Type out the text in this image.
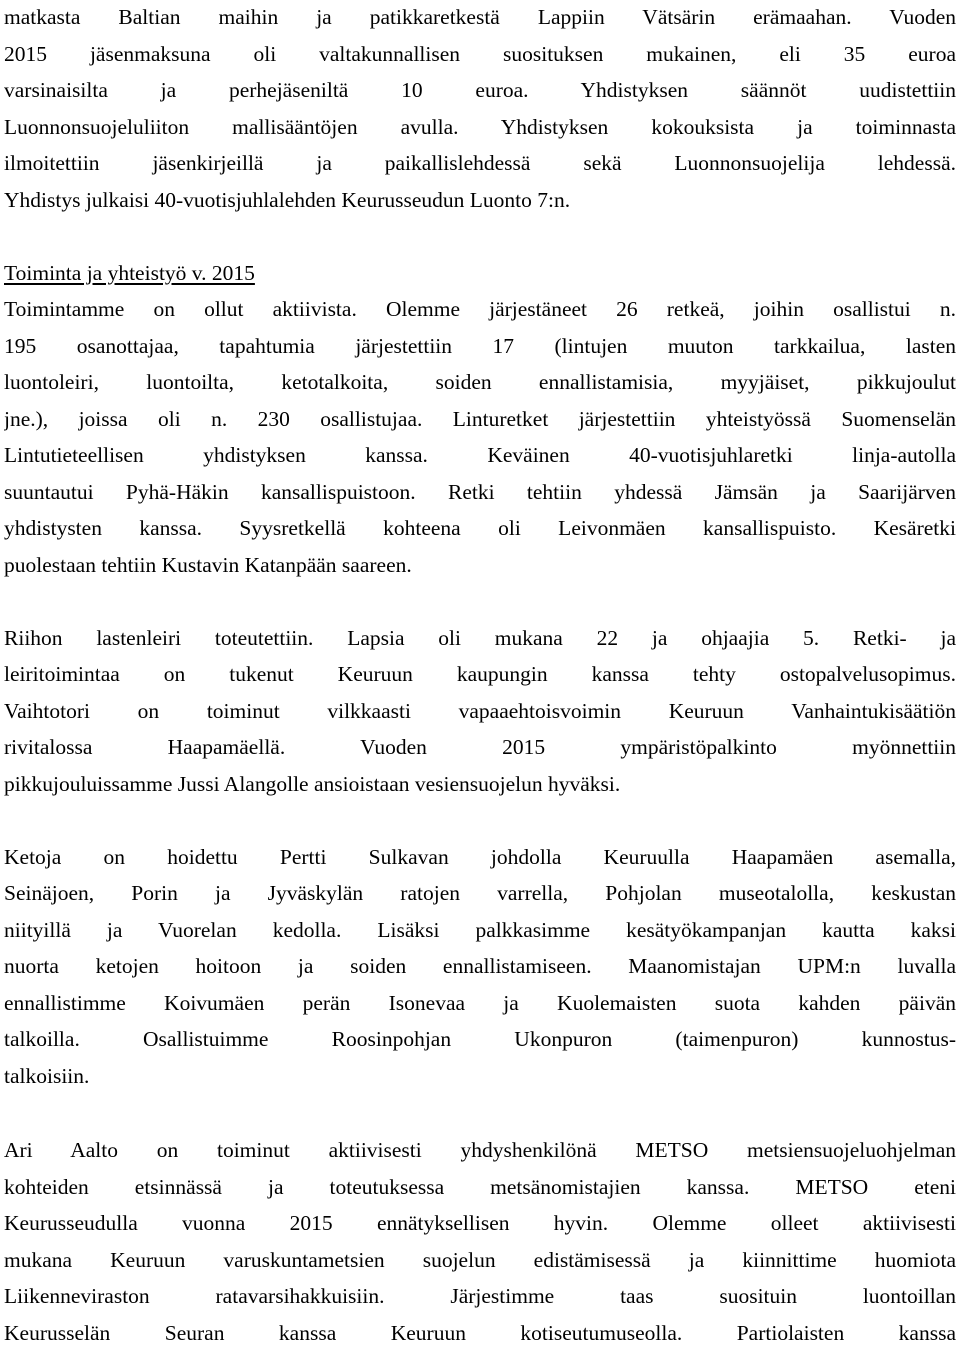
matkasta Baltian maihin ja patikkaretkestä Lappiin Vätsärin erämaahan. Vuoden
2015 jäsenmaksuna oli valtakunnallisen suosituksen mukainen, eli 35 euroa
varsinaisilta ja perhejäseniltä 10 euroa. Yhdistyksen säännöt uudistettiin
Luonnonsuojeluliiton mallisääntöjen avulla. Yhdistyksen kokouksista ja toiminnasta
ilmoitettiin jäsenkirjeillä ja paikallislehdessä sekä Luonnonsuojelija lehdessä.
Yhdistys julkaisi 40-vuotisjuhlalehden Keurusseudun Luonto 7:n.
Toiminta ja yhteistyö v. 2015
Toimintamme on ollut aktiivista. Olemme järjestäneet 26 retkeä, joihin osallistui n.
195 osanottajaa, tapahtumia järjestettiin 17 (lintujen muuton tarkkailua, lasten
luontoleiri, luontoilta, ketotalkoita, soiden ennallistamisia, myyjäiset, pikkujoulut
jne.), joissa oli n. 230 osallistujaa. Linturetket järjestettiin yhteistyössä Suomenselän
Lintutieteellisen yhdistyksen kanssa. Keväinen 40-vuotisjuhlaretki linja-autolla
suuntautui Pyhä-Häkin kansallispuistoon. Retki tehtiin yhdessä Jämsän ja Saarijärven
yhdistysten kanssa. Syysretkellä kohteena oli Leivonmäen kansallispuisto. Kesäretki
puolestaan tehtiin Kustavin Katanpään saareen.
Riihon lastenleiri toteutettiin. Lapsia oli mukana 22 ja ohjaajia 5. Retki- ja
leiritoimintaa on tukenut Keuruun kaupungin kanssa tehty ostopalvelusopimus.
Vaihtotori on toiminut vilkkaasti vapaaehtoisvoimin Keuruun Vanhaintukisäätiön
rivitalossa Haapamäellä. Vuoden 2015 ympäristöpalkinto myönnettiin
pikkujouluissamme Jussi Alangolle ansioistaan vesiensuojelun hyväksi.
Ketoja on hoidettu Pertti Sulkavan johdolla Keuruulla Haapamäen asemalla,
Seinäjoen, Porin ja Jyväskylän ratojen varrella, Pohjolan museotalolla, keskustan
niityillä ja Vuorelan kedolla. Lisäksi palkkasimme kesätyökampanjan kautta kaksi
nuorta ketojen hoitoon ja soiden ennallistamiseen. Maanomistajan UPM:n luvalla
ennallistimme Koivumäen perän Isonevaa ja Kuolemaisten suota kahden päivän
talkoilla. Osallistuimme Roosinpohjan Ukonpuron (taimenpuron) kunnostus-
talkoisiin.
Ari Aalto on toiminut aktiivisesti yhdyshenkilönä METSO metsiensuojeluohjelman
kohteiden etsinnässä ja toteutuksessa metsänomistajien kanssa. METSO eteni
Keurusseudulla vuonna 2015 ennätyksellisen hyvin. Olemme olleet aktiivisesti
mukana Keuruun varuskuntametsien suojelun edistämisessä ja kiinnittime huomiota
Liikenneviraston ratavarsihakkuisiin. Järjestimme taas suosituin luontoillan
Keurusselän Seuran kanssa Keuruun kotiseutumuseolla. Partiolaisten kanssa
